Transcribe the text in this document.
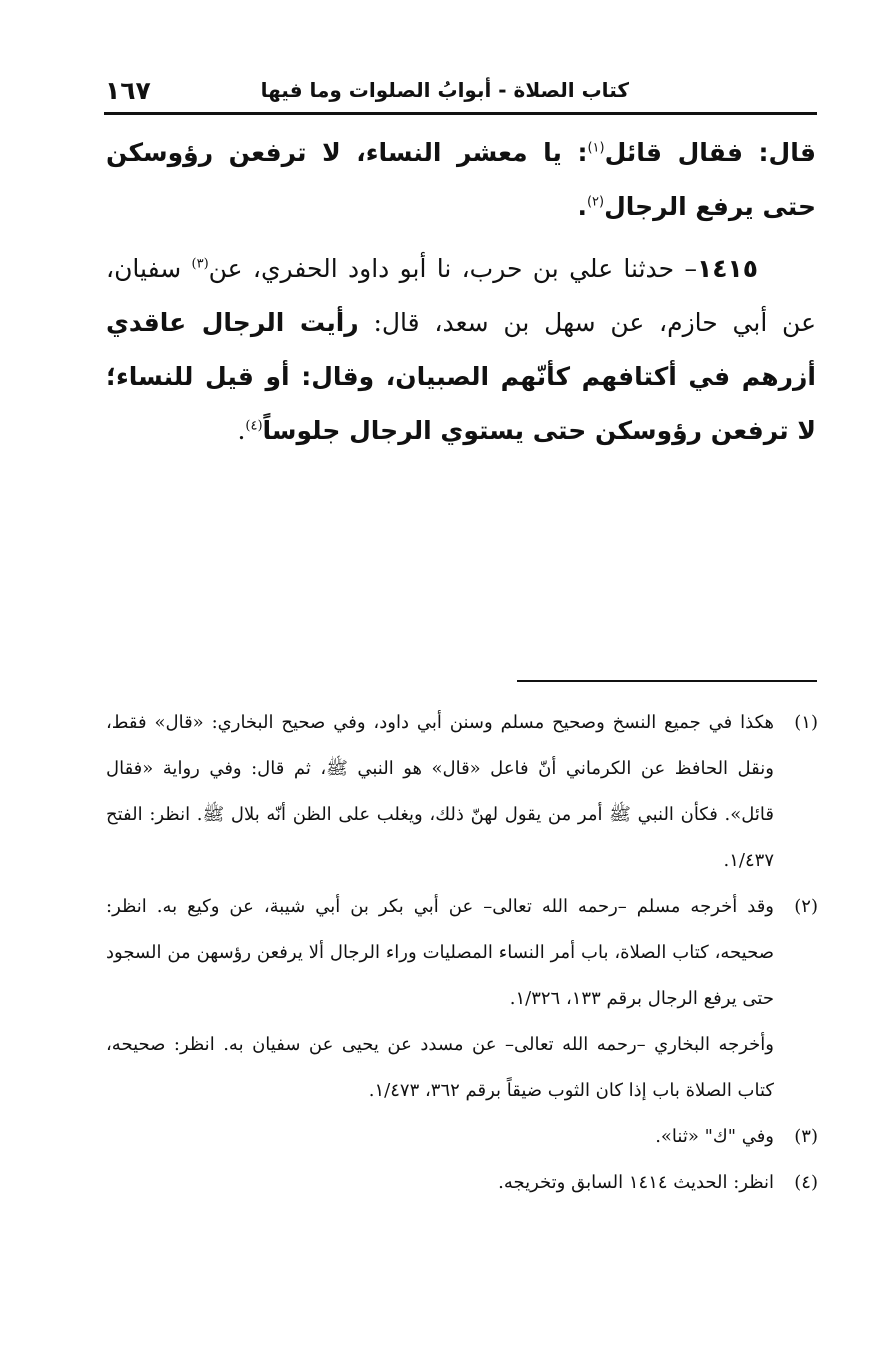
كتاب الصلاة - أبوابُ الصلوات وما فيها
١٦٧

قال: فقال قائل$^{(١)}$: يا معشر النساء، لا ترفعن رؤوسكن حتى يرفع الرجال$^{(٢)}$.

١٤١٥– حدثنا علي بن حرب، نا أبو داود الحفري، عن$^{(٣)}$ سفيان، عن أبي حازم، عن سهل بن سعد، قال: رأيت الرجال عاقدي أزرهم في أكتافهم كأنّهم الصبيان، وقال: أو قيل للنساء؛ لا ترفعن رؤوسكن حتى يستوي الرجال جلوساً$^{(٤)}$.

(١)
هكذا في جميع النسخ وصحيح مسلم وسنن أبي داود، وفي صحيح البخاري: «قال» فقط، ونقل الحافظ عن الكرماني أنّ فاعل «قال» هو النبي ﷺ، ثم قال: وفي رواية «فقال قائل». فكأن النبي ﷺ أمر من يقول لهنّ ذلك، ويغلب على الظن أنّه بلال ﷺ. انظر: الفتح ١/٤٣٧.

(٢)
وقد أخرجه مسلم –رحمه الله تعالى– عن أبي بكر بن أبي شيبة، عن وكيع به. انظر: صحيحه، كتاب الصلاة، باب أمر النساء المصليات وراء الرجال ألا يرفعن رؤسهن من السجود حتى يرفع الرجال برقم ١٣٣، ١/٣٢٦.

وأخرجه البخاري –رحمه الله تعالى– عن مسدد عن يحيى عن سفيان به. انظر: صحيحه، كتاب الصلاة باب إذا كان الثوب ضيقاً برقم ٣٦٢، ١/٤٧٣.

(٣)
وفي "ك" «ثنا».

(٤)
انظر: الحديث ١٤١٤ السابق وتخريجه.
